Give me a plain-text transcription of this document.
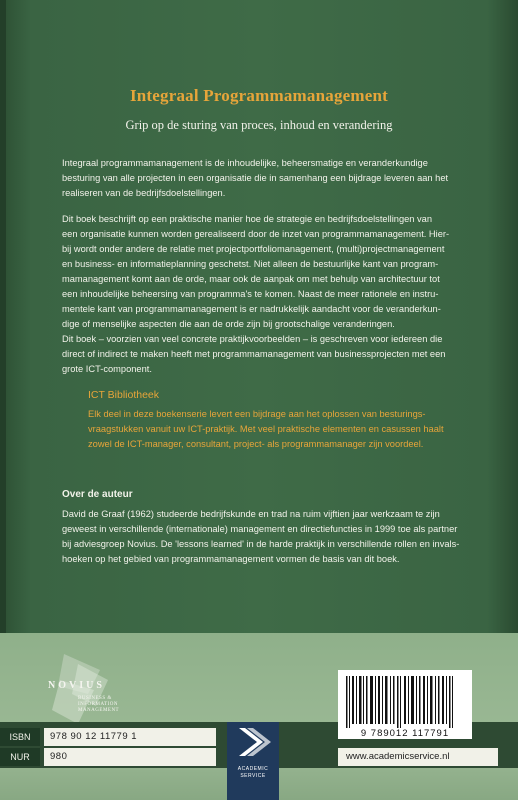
Integraal Programmamanagement
Grip op de sturing van proces, inhoud en verandering
Integraal programmamanagement is de inhoudelijke, beheersmatige en veranderkundige
besturing van alle projecten in een organisatie die in samenhang een bijdrage leveren aan het
realiseren van de bedrijfsdoelstellingen.
Dit boek beschrijft op een praktische manier hoe de strategie en bedrijfsdoelstellingen van
een organisatie kunnen worden gerealiseerd door de inzet van programmamanagement. Hier-
bij wordt onder andere de relatie met projectportfoliomanagement, (multi)projectmanagement
en business- en informatieplanning geschetst. Niet alleen de bestuurlijke kant van program-
mamanagement komt aan de orde, maar ook de aanpak om met behulp van architectuur tot
een inhoudelijke beheersing van programma's te komen. Naast de meer rationele en instru-
mentele kant van programmamanagement is er nadrukkelijk aandacht voor de veranderkun-
dige of menselijke aspecten die aan de orde zijn bij grootschalige veranderingen.
Dit boek – voorzien van veel concrete praktijkvoorbeelden – is geschreven voor iedereen die
direct of indirect te maken heeft met programmamanagement van businessprojecten met een
grote ICT-component.
ICT Bibliotheek
Elk deel in deze boekenserie levert een bijdrage aan het oplossen van besturings-
vraagstukken vanuit uw ICT-praktijk. Met veel praktische elementen en casussen haalt
zowel de ICT-manager, consultant, project- als programmamanager zijn voordeel.
Over de auteur
David de Graaf (1962) studeerde bedrijfskunde en trad na ruim vijftien jaar werkzaam te zijn
geweest in verschillende (internationale) management en directiefuncties in 1999 toe als partner
bij adviesgroep Novius. De 'lessons learned' in de harde praktijk in verschillende rollen en invals-
hoeken op het gebied van programmamanagement vormen de basis van dit boek.
NOVIUS
BUSINESS &
INFORMATION
MANAGEMENT
ISBN	978 90 12 11779 1
NUR	980
ACADEMIC
SERVICE
9 789012 117791
www.academicservice.nl
